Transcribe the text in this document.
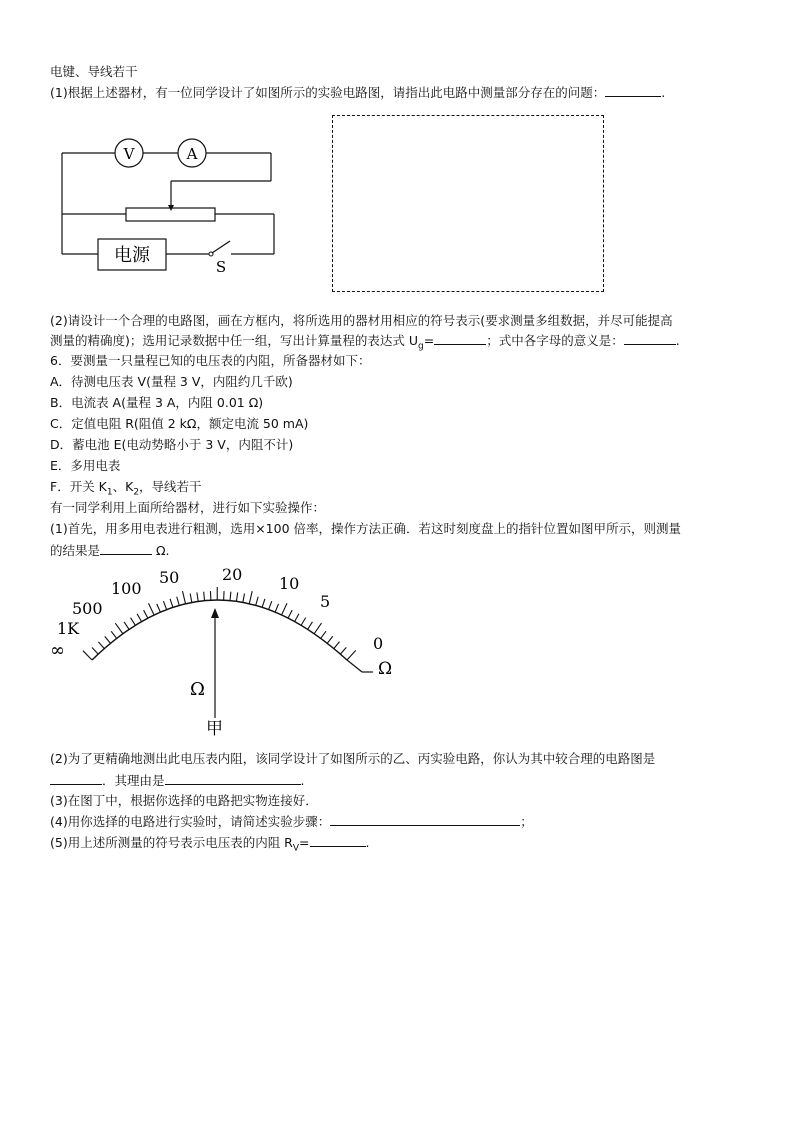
电键、导线若干
(1)根据上述器材，有一位同学设计了如图所示的实验电路图，请指出此电路中测量部分存在的问题：	.
(2)请设计一个合理的电路图，画在方框内，将所选用的器材用相应的符号表示(要求测量多组数据，并尽可能提高
测量的精确度)；选用记录数据中任一组，写出计算量程的表达式 $U_g=$	；式中各字母的意义是：	.
6．要测量一只量程已知的电压表的内阻，所备器材如下：
A．待测电压表 V(量程 3 V，内阻约几千欧)
B．电流表 A(量程 3 A，内阻 0.01 Ω)
C．定值电阻 R(阻值 2 kΩ，额定电流 50 mA)
D．蓄电池 E(电动势略小于 3 V，内阻不计)
E．多用电表
F．开关 $K_1$、$K_2$，导线若干
有一同学利用上面所给器材，进行如下实验操作：
(1)首先，用多用电表进行粗测，选用×100 倍率，操作方法正确．若这时刻度盘上的指针位置如图甲所示，则测量
的结果是	Ω.
(2)为了更精确地测出此电压表内阻，该同学设计了如图所示的乙、丙实验电路，你认为其中较合理的电路图是
．其理由是	.
(3)在图丁中，根据你选择的电路把实物连接好．
(4)用你选择的电路进行实验时，请简述实验步骤：	；
(5)用上述所测量的符号表示电压表的内阻 $R_V=$	.
V	A
电源
S
∞
1K
500
100
50	20 10
5
0
Ω
Ω
甲
